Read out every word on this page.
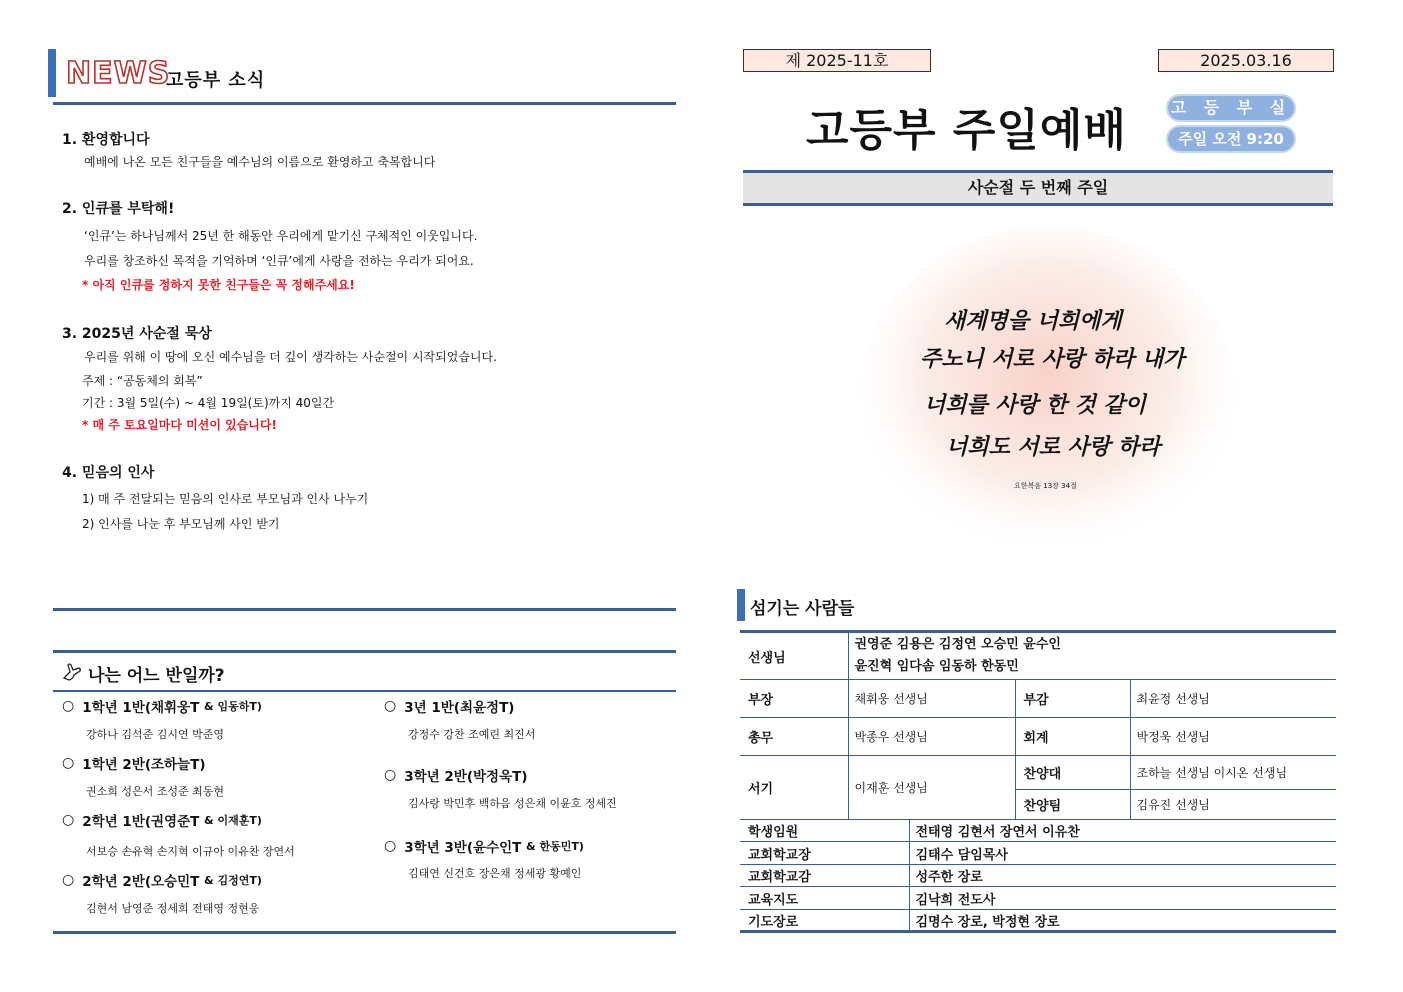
NEWS
고등부 소식
1. 환영합니다
예배에 나온 모든 친구들을 예수님의 이름으로 환영하고 축복합니다
2. 인큐를 부탁해!
‘인큐’는 하나님께서 25년 한 해동안 우리에게 맡기신 구체적인 이웃입니다.
우리를 창조하신 목적을 기억하며 ‘인큐’에게 사랑을 전하는 우리가 되어요.
* 아직 인큐를 정하지 못한 친구들은 꼭 정해주세요!
3. 2025년 사순절 묵상
우리를 위해 이 땅에 오신 예수님을 더 깊이 생각하는 사순절이 시작되었습니다.
주제 : “공동체의 회복”
기간 : 3월 5일(수) ~ 4월 19일(토)까지 40일간
* 매 주 토요일마다 미션이 있습니다!
4. 믿음의 인사
1) 매 주 전달되는 믿음의 인사로 부모님과 인사 나누기
2) 인사를 나눈 후 부모님께 사인 받기
나는 어느 반일까?
○ 1학년 1반(채휘웅T
& 임동하T)
강하나 김석준 김시연 박준영
○ 1학년 2반(조하늘T)
권소희 성은서 조성준 최동현
○ 2학년 1반(권영준T
& 이재훈T)
서보승 손유혁 손지혁 이규아 이유찬 장연서
○ 2학년 2반(오승민T
& 김정연T)
김현서 남영준 정세희 전태영 정현웅
○ 3년 1반(최윤정T)
강정수 강찬 조예린 최진서
○ 3학년 2반(박정욱T)
김사랑 박민후 백하음 성은채 이윤호 정세진
○ 3학년 3반(윤수인T
& 한동민T)
김태연 신건호 장은채 정세광 황예인
제 2025-11호	2025.03.16
고등부 주일예배	고 등 부 실
주일 오전 9:20
사순절 두 번째 주일
새계명을 너희에게
주노니 서로 사랑 하라 내가
너희를 사랑 한 것 같이
너희도 서로 사랑 하라
요한복음 13장 34절
섬기는 사람들
선생님	권영준 김용은 김정연 오승민 윤수인
윤진혁 임다솜 임동하 한동민			

부장	채휘웅 선생님		부감	최윤정 선생님
총무	박종우 선생님		회계	박정욱 선생님
서기	이재훈 선생님		찬양대	조하늘 선생님 이시온 선생님
			찬양팀	김유진 선생님
학생임원		전태영 김현서 장연서 이유찬		
교회학교장		김태수 담임목사		
교회학교감		성주한 장로		
교육지도		김낙희 전도사		
기도장로		김명수 장로, 박정현 장로		
